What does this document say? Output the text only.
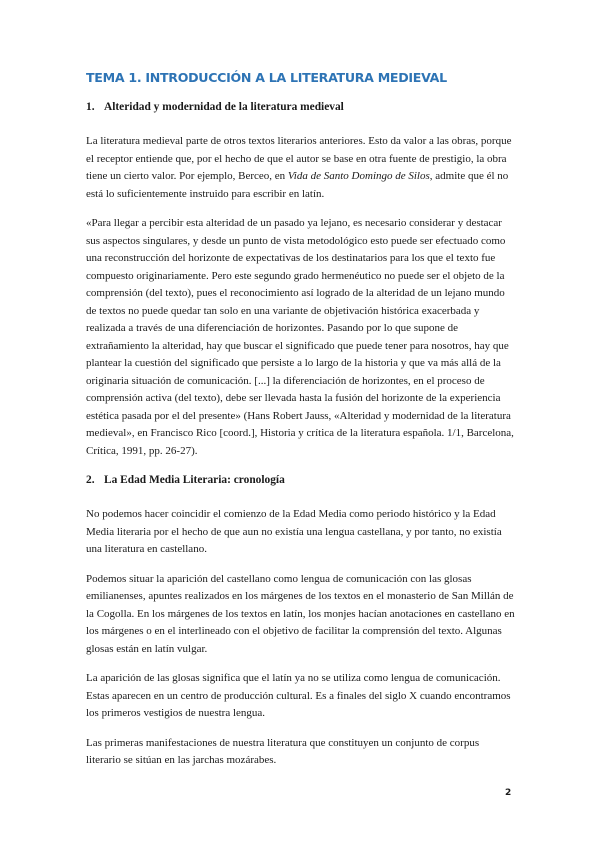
TEMA 1. INTRODUCCIÓN A LA LITERATURA MEDIEVAL
1. Alteridad y modernidad de la literatura medieval

La literatura medieval parte de otros textos literarios anteriores. Esto da valor a las obras, porque el receptor entiende que, por el hecho de que el autor se base en otra fuente de prestigio, la obra tiene un cierto valor. Por ejemplo, Berceo, en Vida de Santo Domingo de Silos, admite que él no está lo suficientemente instruido para escribir en latín.

«Para llegar a percibir esta alteridad de un pasado ya lejano, es necesario considerar y destacar sus aspectos singulares, y desde un punto de vista metodológico esto puede ser efectuado como una reconstrucción del horizonte de expectativas de los destinatarios para los que el texto fue compuesto originariamente. Pero este segundo grado hermenéutico no puede ser el objeto de la comprensión (del texto), pues el reconocimiento así logrado de la alteridad de un lejano mundo de textos no puede quedar tan solo en una variante de objetivación histórica exacerbada y realizada a través de una diferenciación de horizontes. Pasando por lo que supone de extrañamiento la alteridad, hay que buscar el significado que puede tener para nosotros, hay que plantear la cuestión del significado que persiste a lo largo de la historia y que va más allá de la originaria situación de comunicación. [...] la diferenciación de horizontes, en el proceso de comprensión activa (del texto), debe ser llevada hasta la fusión del horizonte de la experiencia estética pasada por el del presente» (Hans Robert Jauss, «Alteridad y modernidad de la literatura medieval», en Francisco Rico [coord.], Historia y crítica de la literatura española. 1/1, Barcelona, Crítica, 1991, pp. 26-27).

2. La Edad Media Literaria: cronología

No podemos hacer coincidir el comienzo de la Edad Media como periodo histórico y la Edad Media literaria por el hecho de que aun no existía una lengua castellana, y por tanto, no existía una literatura en castellano.

Podemos situar la aparición del castellano como lengua de comunicación con las glosas emilianenses, apuntes realizados en los márgenes de los textos en el monasterio de San Millán de la Cogolla. En los márgenes de los textos en latín, los monjes hacían anotaciones en castellano en los márgenes o en el interlineado con el objetivo de facilitar la comprensión del texto. Algunas glosas están en latín vulgar.

La aparición de las glosas significa que el latín ya no se utiliza como lengua de comunicación. Estas aparecen en un centro de producción cultural. Es a finales del siglo X cuando encontramos los primeros vestigios de nuestra lengua.

Las primeras manifestaciones de nuestra literatura que constituyen un conjunto de corpus literario se sitúan en las jarchas mozárabes.

2
